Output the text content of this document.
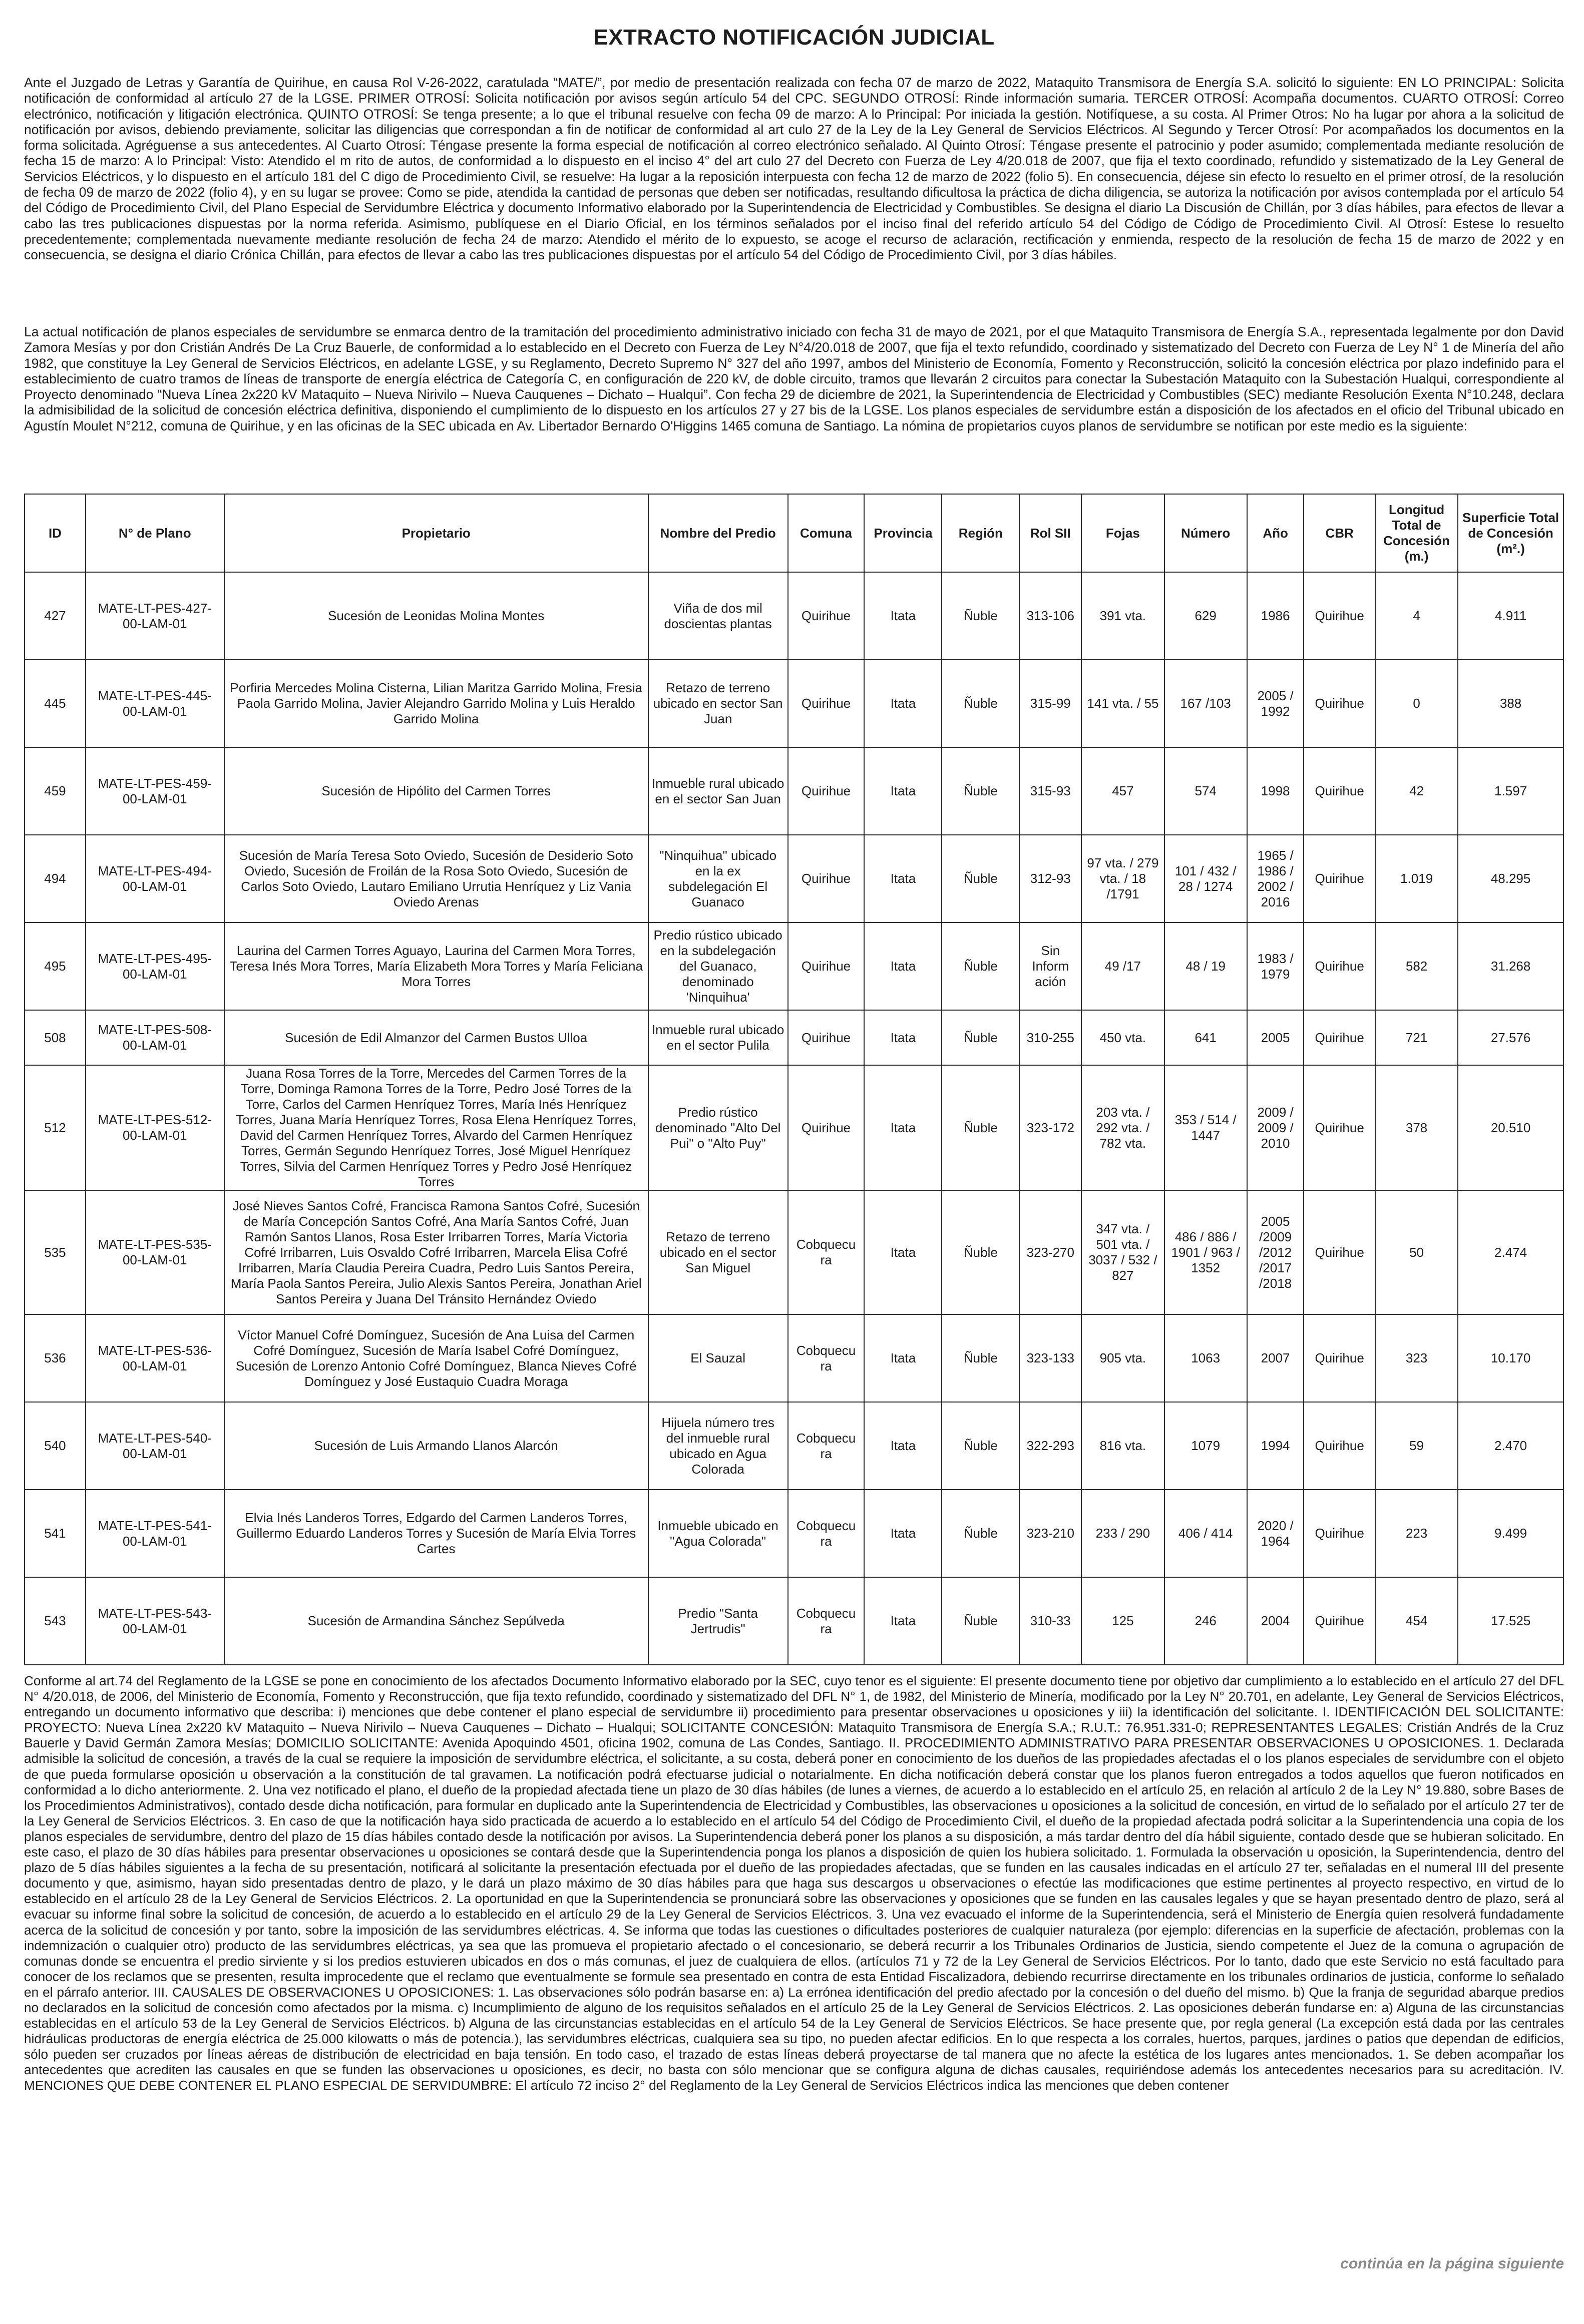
EXTRACTO NOTIFICACIÓN JUDICIAL

Ante el Juzgado de Letras y Garantía de Quirihue, en causa Rol V-26-2022, caratulada “MATE/”, por medio de presentación realizada con fecha 07 de marzo de 2022, Mataquito Transmisora de Energía S.A. solicitó lo siguiente: EN LO PRINCIPAL: Solicita notificación de conformidad al artículo 27 de la LGSE. PRIMER OTROSÍ: Solicita notificación por avisos según artículo 54 del CPC. SEGUNDO OTROSÍ: Rinde información sumaria. TERCER OTROSÍ: Acompaña documentos. CUARTO OTROSÍ: Correo electrónico, notificación y litigación electrónica. QUINTO OTROSÍ: Se tenga presente; a lo que el tribunal resuelve con fecha 09 de marzo: A lo Principal: Por iniciada la gestión. Notifíquese, a su costa. Al Primer Otros: No ha lugar por ahora a la solicitud de notificación por avisos, debiendo previamente, solicitar las diligencias que correspondan a fin de notificar de conformidad al art culo 27 de la Ley de la Ley General de Servicios Eléctricos. Al Segundo y Tercer Otrosí: Por acompañados los documentos en la forma solicitada. Agréguense a sus antecedentes. Al Cuarto Otrosí: Téngase presente la forma especial de notificación al correo electrónico señalado. Al Quinto Otrosí: Téngase presente el patrocinio y poder asumido; complementada mediante resolución de fecha 15 de marzo: A lo Principal: Visto: Atendido el m rito de autos, de conformidad a lo dispuesto en el inciso 4° del art culo 27 del Decreto con Fuerza de Ley 4/20.018 de 2007, que fija el texto coordinado, refundido y sistematizado de la Ley General de Servicios Eléctricos, y lo dispuesto en el artículo 181 del C digo de Procedimiento Civil, se resuelve: Ha lugar a la reposición interpuesta con fecha 12 de marzo de 2022 (folio 5). En consecuencia, déjese sin efecto lo resuelto en el primer otrosí, de la resolución de fecha 09 de marzo de 2022 (folio 4), y en su lugar se provee: Como se pide, atendida la cantidad de personas que deben ser notificadas, resultando dificultosa la práctica de dicha diligencia, se autoriza la notificación por avisos contemplada por el artículo 54 del Código de Procedimiento Civil, del Plano Especial de Servidumbre Eléctrica y documento Informativo elaborado por la Superintendencia de Electricidad y Combustibles. Se designa el diario La Discusión de Chillán, por 3 días hábiles, para efectos de llevar a cabo las tres publicaciones dispuestas por la norma referida. Asimismo, publíquese en el Diario Oficial, en los términos señalados por el inciso final del referido artículo 54 del Código de Código de Procedimiento Civil. Al Otrosí: Estese lo resuelto precedentemente; complementada nuevamente mediante resolución de fecha 24 de marzo: Atendido el mérito de lo expuesto, se acoge el recurso de aclaración, rectificación y enmienda, respecto de la resolución de fecha 15 de marzo de 2022 y en consecuencia, se designa el diario Crónica Chillán, para efectos de llevar a cabo las tres publicaciones dispuestas por el artículo 54 del Código de Procedimiento Civil, por 3 días hábiles.

La actual notificación de planos especiales de servidumbre se enmarca dentro de la tramitación del procedimiento administrativo iniciado con fecha 31 de mayo de 2021, por el que Mataquito Transmisora de Energía S.A., representada legalmente por don David Zamora Mesías y por don Cristián Andrés De La Cruz Bauerle, de conformidad a lo establecido en el Decreto con Fuerza de Ley N°4/20.018 de 2007, que fija el texto refundido, coordinado y sistematizado del Decreto con Fuerza de Ley N° 1 de Minería del año 1982, que constituye la Ley General de Servicios Eléctricos, en adelante LGSE, y su Reglamento, Decreto Supremo N° 327 del año 1997, ambos del Ministerio de Economía, Fomento y Reconstrucción, solicitó la concesión eléctrica por plazo indefinido para el establecimiento de cuatro tramos de líneas de transporte de energía eléctrica de Categoría C, en configuración de 220 kV, de doble circuito, tramos que llevarán 2 circuitos para conectar la Subestación Mataquito con la Subestación Hualqui, correspondiente al Proyecto denominado “Nueva Línea 2x220 kV Mataquito – Nueva Nirivilo – Nueva Cauquenes – Dichato – Hualqui”. Con fecha 29 de diciembre de 2021, la Superintendencia de Electricidad y Combustibles (SEC) mediante Resolución Exenta N°10.248, declara la admisibilidad de la solicitud de concesión eléctrica definitiva, disponiendo el cumplimiento de lo dispuesto en los artículos 27 y 27 bis de la LGSE. Los planos especiales de servidumbre están a disposición de los afectados en el oficio del Tribunal ubicado en Agustín Moulet N°212, comuna de Quirihue, y en las oficinas de la SEC ubicada en Av. Libertador Bernardo O'Higgins 1465 comuna de Santiago. La nómina de propietarios cuyos planos de servidumbre se notifican por este medio es la siguiente:

ID	N° de Plano	Propietario	Nombre del Predio	Comuna	Provincia	Región	Rol SII	Fojas	Número	Año	CBR	Longitud Total de Concesión (m.)	Superficie Total de Concesión (m².)
427	MATE-LT-PES-427-00-LAM-01	Sucesión de Leonidas Molina Montes	Viña de dos mil doscientas plantas	Quirihue	Itata	Ñuble	313-106	391 vta.	629	1986	Quirihue	4	4.911
445	MATE-LT-PES-445-00-LAM-01	Porfiria Mercedes Molina Cisterna, Lilian Maritza Garrido Molina, Fresia Paola Garrido Molina, Javier Alejandro Garrido Molina y Luis Heraldo Garrido Molina	Retazo de terreno ubicado en sector San Juan	Quirihue	Itata	Ñuble	315-99	141 vta. / 55	167 /103	2005 / 1992	Quirihue	0	388
459	MATE-LT-PES-459-00-LAM-01	Sucesión de Hipólito del Carmen Torres	Inmueble rural ubicado en el sector San Juan	Quirihue	Itata	Ñuble	315-93	457	574	1998	Quirihue	42	1.597
494	MATE-LT-PES-494-00-LAM-01	Sucesión de María Teresa Soto Oviedo, Sucesión de Desiderio Soto Oviedo, Sucesión de Froilán de la Rosa Soto Oviedo, Sucesión de Carlos Soto Oviedo, Lautaro Emiliano Urrutia Henríquez y Liz Vania Oviedo Arenas	"Ninquihua" ubicado en la ex subdelegación El Guanaco	Quirihue	Itata	Ñuble	312-93	97 vta. / 279 vta. / 18 /1791	101 / 432 / 28 / 1274	1965 / 1986 / 2002 / 2016	Quirihue	1.019	48.295
495	MATE-LT-PES-495-00-LAM-01	Laurina del Carmen Torres Aguayo, Laurina del Carmen Mora Torres, Teresa Inés Mora Torres, María Elizabeth Mora Torres y María Feliciana Mora Torres	Predio rústico ubicado en la subdelegación del Guanaco, denominado 'Ninquihua'	Quirihue	Itata	Ñuble	Sin Inform ación	49 /17	48 / 19	1983 / 1979	Quirihue	582	31.268
508	MATE-LT-PES-508-00-LAM-01	Sucesión de Edil Almanzor del Carmen Bustos Ulloa	Inmueble rural ubicado en el sector Pulila	Quirihue	Itata	Ñuble	310-255	450 vta.	641	2005	Quirihue	721	27.576
512	MATE-LT-PES-512-00-LAM-01	Juana Rosa Torres de la Torre, Mercedes del Carmen Torres de la Torre, Dominga Ramona Torres de la Torre, Pedro José Torres de la Torre, Carlos del Carmen Henríquez Torres, María Inés Henríquez Torres, Juana María Henríquez Torres, Rosa Elena Henríquez Torres, David del Carmen Henríquez Torres, Alvardo del Carmen Henríquez Torres, Germán Segundo Henríquez Torres, José Miguel Henríquez Torres, Silvia del Carmen Henríquez Torres y Pedro José Henríquez Torres	Predio rústico denominado "Alto Del Pui" o "Alto Puy"	Quirihue	Itata	Ñuble	323-172	203 vta. / 292 vta. / 782 vta.	353 / 514 / 1447	2009 / 2009 / 2010	Quirihue	378	20.510
535	MATE-LT-PES-535-00-LAM-01	José Nieves Santos Cofré, Francisca Ramona Santos Cofré, Sucesión de María Concepción Santos Cofré, Ana María Santos Cofré, Juan Ramón Santos Llanos, Rosa Ester Irribarren Torres, María Victoria Cofré Irribarren, Luis Osvaldo Cofré Irribarren, Marcela Elisa Cofré Irribarren, María Claudia Pereira Cuadra, Pedro Luis Santos Pereira, María Paola Santos Pereira, Julio Alexis Santos Pereira, Jonathan Ariel Santos Pereira y Juana Del Tránsito Hernández Oviedo	Retazo de terreno ubicado en el sector San Miguel	Cobquecu ra	Itata	Ñuble	323-270	347 vta. / 501 vta. / 3037 / 532 / 827	486 / 886 / 1901 / 963 / 1352	2005 /2009 /2012 /2017 /2018	Quirihue	50	2.474
536	MATE-LT-PES-536-00-LAM-01	Víctor Manuel Cofré Domínguez, Sucesión de Ana Luisa del Carmen Cofré Domínguez, Sucesión de María Isabel Cofré Domínguez, Sucesión de Lorenzo Antonio Cofré Domínguez, Blanca Nieves Cofré Domínguez y José Eustaquio Cuadra Moraga	El Sauzal	Cobquecu ra	Itata	Ñuble	323-133	905 vta.	1063	2007	Quirihue	323	10.170
540	MATE-LT-PES-540-00-LAM-01	Sucesión de Luis Armando Llanos Alarcón	Hijuela número tres del inmueble rural ubicado en Agua Colorada	Cobquecu ra	Itata	Ñuble	322-293	816 vta.	1079	1994	Quirihue	59	2.470
541	MATE-LT-PES-541-00-LAM-01	Elvia Inés Landeros Torres, Edgardo del Carmen Landeros Torres, Guillermo Eduardo Landeros Torres y Sucesión de María Elvia Torres Cartes	Inmueble ubicado en "Agua Colorada"	Cobquecu ra	Itata	Ñuble	323-210	233 / 290	406 / 414	2020 / 1964	Quirihue	223	9.499
543	MATE-LT-PES-543-00-LAM-01	Sucesión de Armandina Sánchez Sepúlveda	Predio "Santa Jertrudis"	Cobquecu ra	Itata	Ñuble	310-33	125	246	2004	Quirihue	454	17.525

Conforme al art.74 del Reglamento de la LGSE se pone en conocimiento de los afectados Documento Informativo elaborado por la SEC, cuyo tenor es el siguiente: El presente documento tiene por objetivo dar cumplimiento a lo establecido en el artículo 27 del DFL N° 4/20.018, de 2006, del Ministerio de Economía, Fomento y Reconstrucción, que fija texto refundido, coordinado y sistematizado del DFL N° 1, de 1982, del Ministerio de Minería, modificado por la Ley N° 20.701, en adelante, Ley General de Servicios Eléctricos, entregando un documento informativo que describa: i) menciones que debe contener el plano especial de servidumbre ii) procedimiento para presentar observaciones u oposiciones y iii) la identificación del solicitante. I. IDENTIFICACIÓN DEL SOLICITANTE: PROYECTO: Nueva Línea 2x220 kV Mataquito – Nueva Nirivilo – Nueva Cauquenes – Dichato – Hualqui; SOLICITANTE CONCESIÓN: Mataquito Transmisora de Energía S.A.; R.U.T.: 76.951.331-0; REPRESENTANTES LEGALES: Cristián Andrés de la Cruz Bauerle y David Germán Zamora Mesías; DOMICILIO SOLICITANTE: Avenida Apoquindo 4501, oficina 1902, comuna de Las Condes, Santiago. II. PROCEDIMIENTO ADMINISTRATIVO PARA PRESENTAR OBSERVACIONES U OPOSICIONES. 1. Declarada admisible la solicitud de concesión, a través de la cual se requiere la imposición de servidumbre eléctrica, el solicitante, a su costa, deberá poner en conocimiento de los dueños de las propiedades afectadas el o los planos especiales de servidumbre con el objeto de que pueda formularse oposición u observación a la constitución de tal gravamen. La notificación podrá efectuarse judicial o notarialmente. En dicha notificación deberá constar que los planos fueron entregados a todos aquellos que fueron notificados en conformidad a lo dicho anteriormente. 2. Una vez notificado el plano, el dueño de la propiedad afectada tiene un plazo de 30 días hábiles (de lunes a viernes, de acuerdo a lo establecido en el artículo 25, en relación al artículo 2 de la Ley N° 19.880, sobre Bases de los Procedimientos Administrativos), contado desde dicha notificación, para formular en duplicado ante la Superintendencia de Electricidad y Combustibles, las observaciones u oposiciones a la solicitud de concesión, en virtud de lo señalado por el artículo 27 ter de la Ley General de Servicios Eléctricos. 3. En caso de que la notificación haya sido practicada de acuerdo a lo establecido en el artículo 54 del Código de Procedimiento Civil, el dueño de la propiedad afectada podrá solicitar a la Superintendencia una copia de los planos especiales de servidumbre, dentro del plazo de 15 días hábiles contado desde la notificación por avisos. La Superintendencia deberá poner los planos a su disposición, a más tardar dentro del día hábil siguiente, contado desde que se hubieran solicitado. En este caso, el plazo de 30 días hábiles para presentar observaciones u oposiciones se contará desde que la Superintendencia ponga los planos a disposición de quien los hubiera solicitado. 1. Formulada la observación u oposición, la Superintendencia, dentro del plazo de 5 días hábiles siguientes a la fecha de su presentación, notificará al solicitante la presentación efectuada por el dueño de las propiedades afectadas, que se funden en las causales indicadas en el artículo 27 ter, señaladas en el numeral III del presente documento y que, asimismo, hayan sido presentadas dentro de plazo, y le dará un plazo máximo de 30 días hábiles para que haga sus descargos u observaciones o efectúe las modificaciones que estime pertinentes al proyecto respectivo, en virtud de lo establecido en el artículo 28 de la Ley General de Servicios Eléctricos. 2. La oportunidad en que la Superintendencia se pronunciará sobre las observaciones y oposiciones que se funden en las causales legales y que se hayan presentado dentro de plazo, será al evacuar su informe final sobre la solicitud de concesión, de acuerdo a lo establecido en el artículo 29 de la Ley General de Servicios Eléctricos. 3. Una vez evacuado el informe de la Superintendencia, será el Ministerio de Energía quien resolverá fundadamente acerca de la solicitud de concesión y por tanto, sobre la imposición de las servidumbres eléctricas. 4. Se informa que todas las cuestiones o dificultades posteriores de cualquier naturaleza (por ejemplo: diferencias en la superficie de afectación, problemas con la indemnización o cualquier otro) producto de las servidumbres eléctricas, ya sea que las promueva el propietario afectado o el concesionario, se deberá recurrir a los Tribunales Ordinarios de Justicia, siendo competente el Juez de la comuna o agrupación de comunas donde se encuentra el predio sirviente y si los predios estuvieren ubicados en dos o más comunas, el juez de cualquiera de ellos. (artículos 71 y 72 de la Ley General de Servicios Eléctricos. Por lo tanto, dado que este Servicio no está facultado para conocer de los reclamos que se presenten, resulta improcedente que el reclamo que eventualmente se formule sea presentado en contra de esta Entidad Fiscalizadora, debiendo recurrirse directamente en los tribunales ordinarios de justicia, conforme lo señalado en el párrafo anterior. III. CAUSALES DE OBSERVACIONES U OPOSICIONES: 1. Las observaciones sólo podrán basarse en: a) La errónea identificación del predio afectado por la concesión o del dueño del mismo. b) Que la franja de seguridad abarque predios no declarados en la solicitud de concesión como afectados por la misma. c) Incumplimiento de alguno de los requisitos señalados en el artículo 25 de la Ley General de Servicios Eléctricos. 2. Las oposiciones deberán fundarse en: a) Alguna de las circunstancias establecidas en el artículo 53 de la Ley General de Servicios Eléctricos. b) Alguna de las circunstancias establecidas en el artículo 54 de la Ley General de Servicios Eléctricos. Se hace presente que, por regla general (La excepción está dada por las centrales hidráulicas productoras de energía eléctrica de 25.000 kilowatts o más de potencia.), las servidumbres eléctricas, cualquiera sea su tipo, no pueden afectar edificios. En lo que respecta a los corrales, huertos, parques, jardines o patios que dependan de edificios, sólo pueden ser cruzados por líneas aéreas de distribución de electricidad en baja tensión. En todo caso, el trazado de estas líneas deberá proyectarse de tal manera que no afecte la estética de los lugares antes mencionados. 1. Se deben acompañar los antecedentes que acrediten las causales en que se funden las observaciones u oposiciones, es decir, no basta con sólo mencionar que se configura alguna de dichas causales, requiriéndose además los antecedentes necesarios para su acreditación. IV. MENCIONES QUE DEBE CONTENER EL PLANO ESPECIAL DE SERVIDUMBRE: El artículo 72 inciso 2° del Reglamento de la Ley General de Servicios Eléctricos indica las menciones que deben contener

continúa en la página siguiente
